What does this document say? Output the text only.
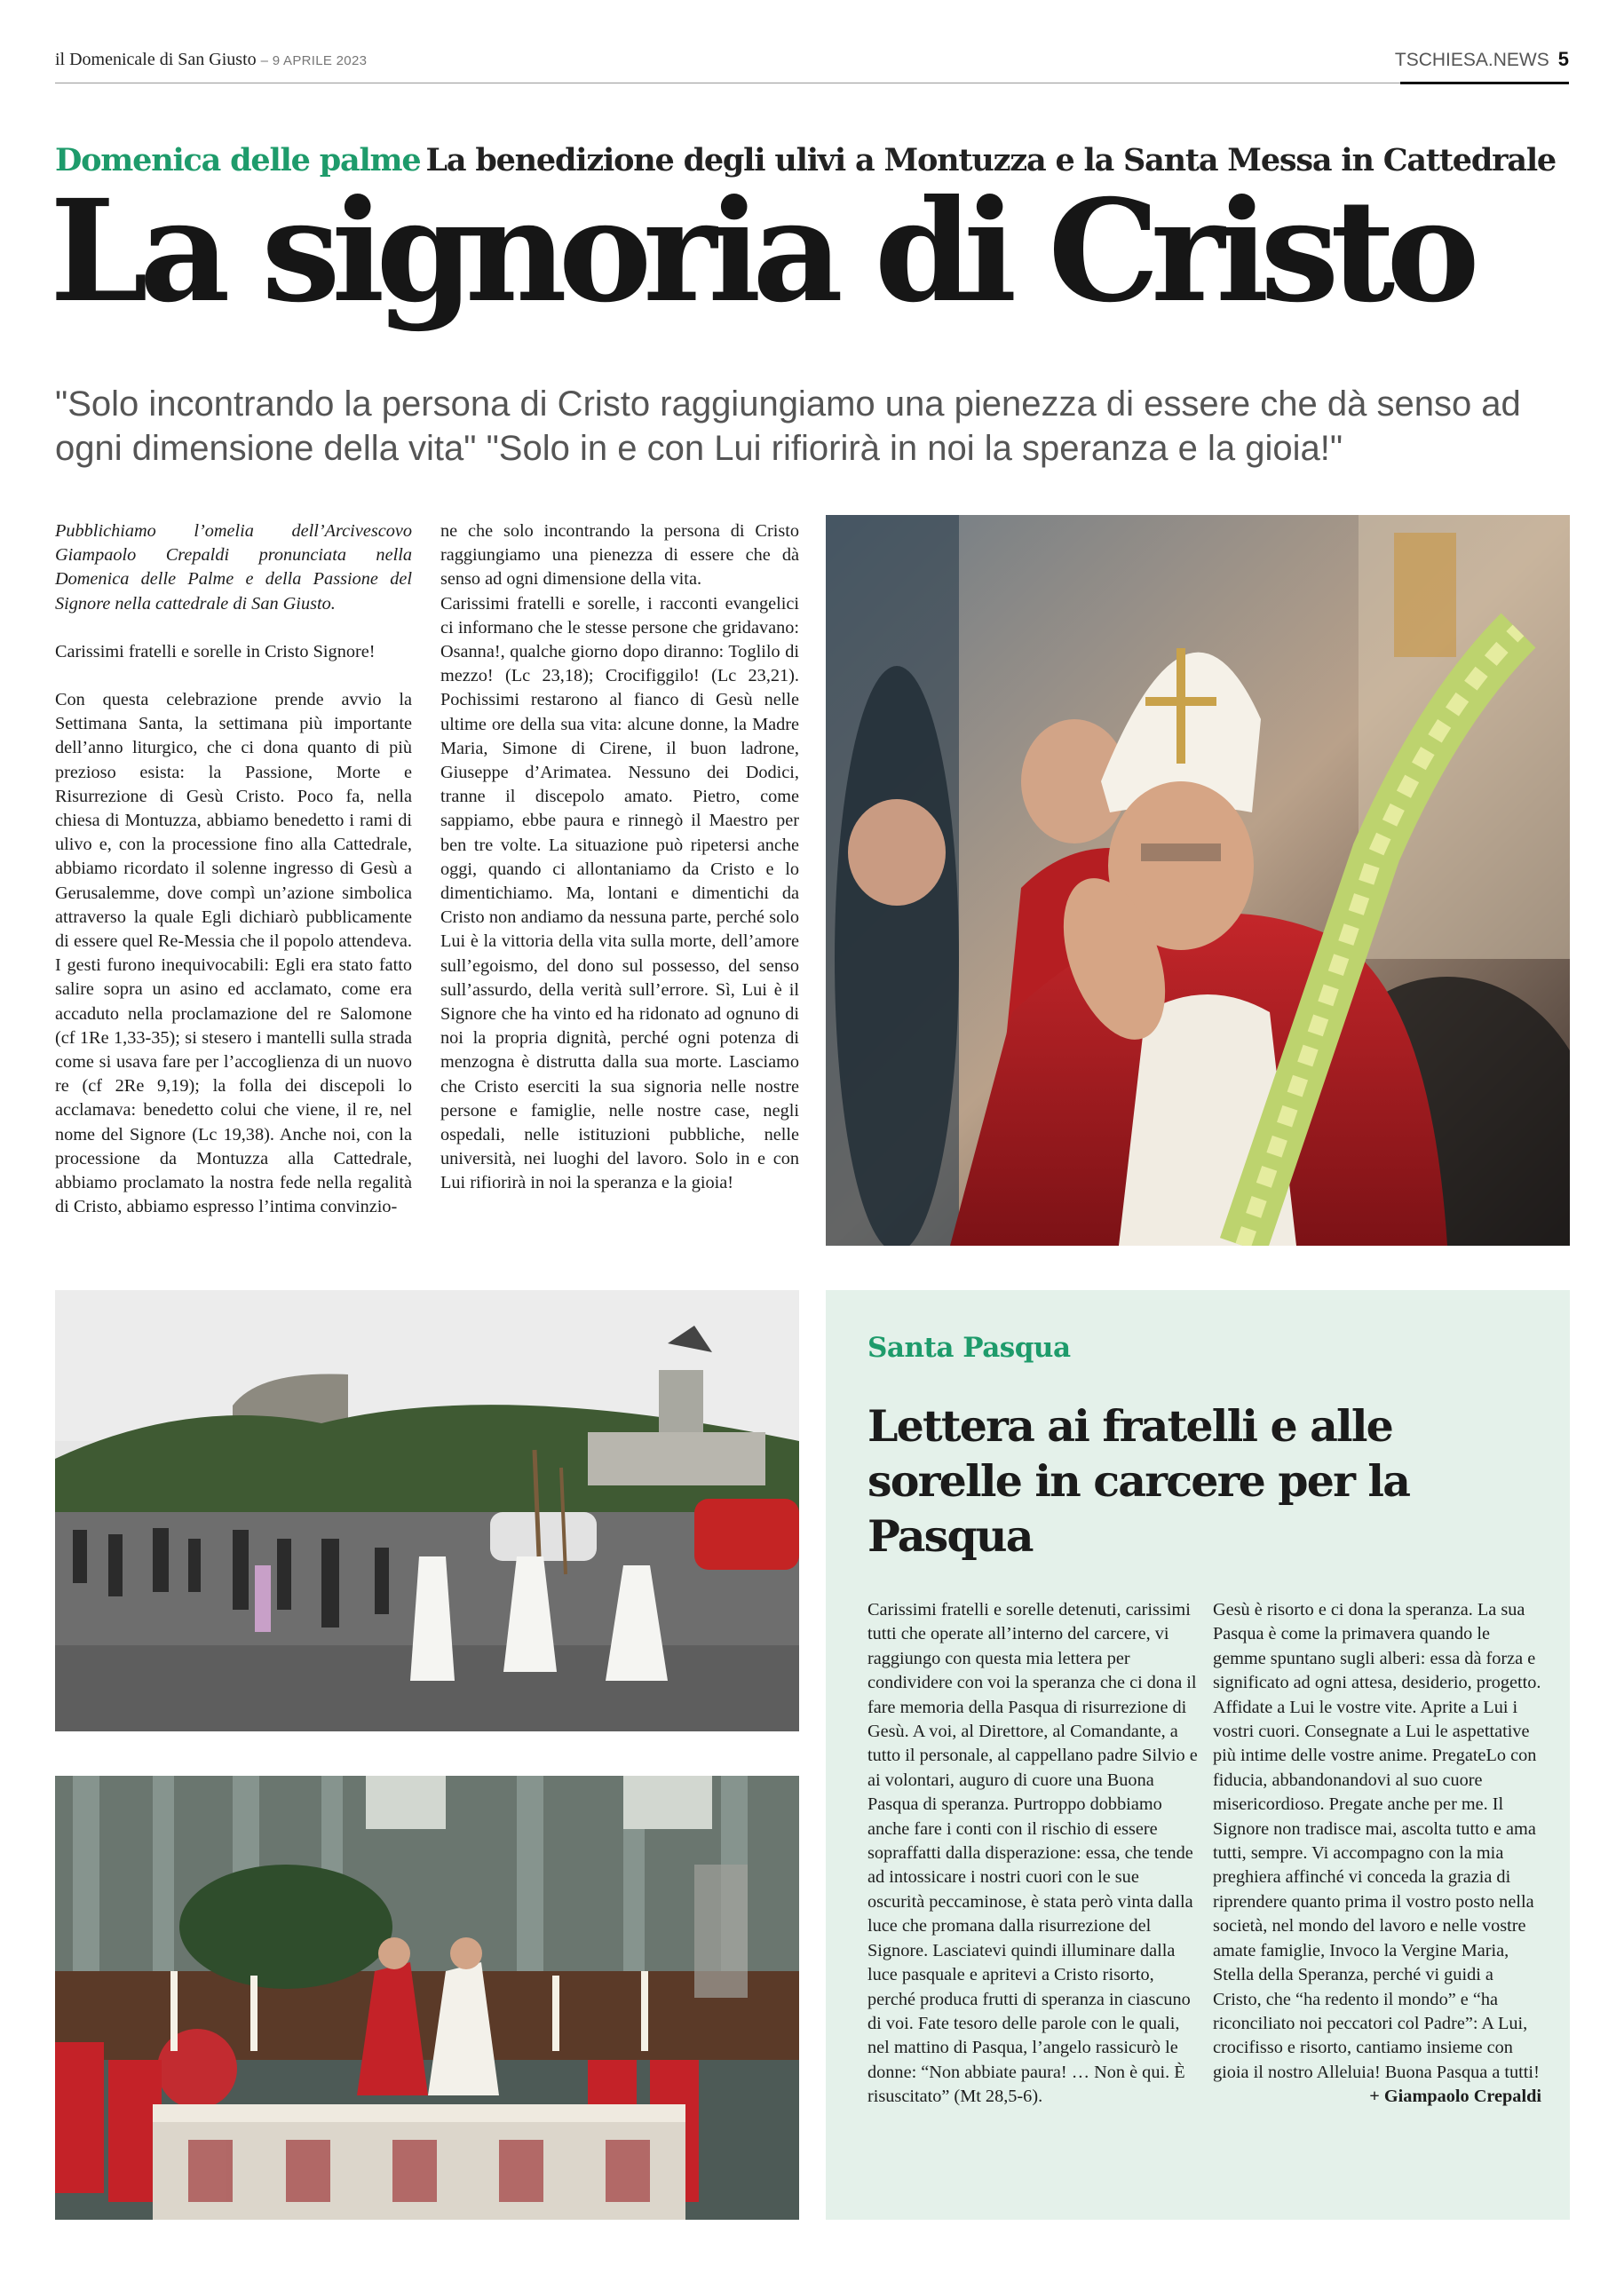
il Domenicale di San Giusto – 9 APRILE 2023	TSCHIESA.NEWS 5
Domenica delle palme La benedizione degli ulivi a Montuzza e la Santa Messa in Cattedrale
La signoria di Cristo
"Solo incontrando la persona di Cristo raggiungiamo una pienezza di essere che dà senso ad ogni dimensione della vita" "Solo in e con Lui rifiorirà in noi la speranza e la gioia!"

Pubblichiamo l’omelia dell’Arcivescovo Giampaolo Crepaldi pronunciata nella Domenica delle Palme e della Passione del Signore nella cattedrale di San Giusto.

Carissimi fratelli e sorelle in Cristo Signore!

Con questa celebrazione prende avvio la Settimana Santa, la settimana più importante dell’anno liturgico, che ci dona quanto di più prezioso esista: la Passione, Morte e Risurrezione di Gesù Cristo. Poco fa, nella chiesa di Montuzza, abbiamo benedetto i rami di ulivo e, con la processione fino alla Cattedrale, abbiamo ricordato il solenne ingresso di Gesù a Gerusalemme, dove compì un’azione simbolica attraverso la quale Egli dichiarò pubblicamente di essere quel Re-Messia che il popolo attendeva. I gesti furono inequivocabili: Egli era stato fatto salire sopra un asino ed acclamato, come era accaduto nella proclamazione del re Salomone (cf 1Re 1,33-35); si stesero i mantelli sulla strada come si usava fare per l’accoglienza di un nuovo re (cf 2Re 9,19); la folla dei discepoli lo acclamava: benedetto colui che viene, il re, nel nome del Signore (Lc 19,38). Anche noi, con la processione da Montuzza alla Cattedrale, abbiamo proclamato la nostra fede nella regalità di Cristo, abbiamo espresso l’intima convinzio-

ne che solo incontrando la persona di Cristo raggiungiamo una pienezza di essere che dà senso ad ogni dimensione della vita.

Carissimi fratelli e sorelle, i racconti evangelici ci informano che le stesse persone che gridavano: Osanna!, qualche giorno dopo diranno: Toglilo di mezzo! (Lc 23,18); Crocifiggilo! (Lc 23,21). Pochissimi restarono al fianco di Gesù nelle ultime ore della sua vita: alcune donne, la Madre Maria, Simone di Cirene, il buon ladrone, Giuseppe d’Arimatea. Nessuno dei Dodici, tranne il discepolo amato. Pietro, come sappiamo, ebbe paura e rinnegò il Maestro per ben tre volte. La situazione può ripetersi anche oggi, quando ci allontaniamo da Cristo e lo dimentichiamo. Ma, lontani e dimentichi da Cristo non andiamo da nessuna parte, perché solo Lui è la vittoria della vita sulla morte, dell’amore sull’egoismo, del dono sul possesso, del senso sull’assurdo, della verità sull’errore. Sì, Lui è il Signore che ha vinto ed ha ridonato ad ognuno di noi la propria dignità, perché ogni potenza di menzogna è distrutta dalla sua morte. Lasciamo che Cristo eserciti la sua signoria nelle nostre persone e famiglie, nelle nostre case, negli ospedali, nelle istituzioni pubbliche, nelle università, nei luoghi del lavoro. Solo in e con Lui rifiorirà in noi la speranza e la gioia!

Santa Pasqua
Lettera ai fratelli e alle sorelle in carcere per la Pasqua
Carissimi fratelli e sorelle detenuti, carissimi tutti che operate all’interno del carcere, vi raggiungo con questa mia lettera per condividere con voi la speranza che ci dona il fare memoria della Pasqua di risurrezione di Gesù. A voi, al Direttore, al Comandante, a tutto il personale, al cappellano padre Silvio e ai volontari, auguro di cuore una Buona Pasqua di speranza. Purtroppo dobbiamo anche fare i conti con il rischio di essere sopraffatti dalla disperazione: essa, che tende ad intossicare i nostri cuori con le sue oscurità peccaminose, è stata però vinta dalla luce che promana dalla risurrezione del Signore. Lasciatevi quindi illuminare dalla luce pasquale e apritevi a Cristo risorto, perché produca frutti di speranza in ciascuno di voi. Fate tesoro delle parole con le quali, nel mattino di Pasqua, l’angelo rassicurò le donne: “Non abbiate paura! … Non è qui. È risuscitato” (Mt 28,5-6).
Gesù è risorto e ci dona la speranza. La sua Pasqua è come la primavera quando le gemme spuntano sugli alberi: essa dà forza e significato ad ogni attesa, desiderio, progetto. Affidate a Lui le vostre vite. Aprite a Lui i vostri cuori. Consegnate a Lui le aspettative più intime delle vostre anime. PregateLo con fiducia, abbandonandovi al suo cuore misericordioso. Pregate anche per me. Il Signore non tradisce mai, ascolta tutto e ama tutti, sempre. Vi accompagno con la mia preghiera affinché vi conceda la grazia di riprendere quanto prima il vostro posto nella società, nel mondo del lavoro e nelle vostre amate famiglie, Invoco la Vergine Maria, Stella della Speranza, perché vi guidi a Cristo, che “ha redento il mondo” e “ha riconciliato noi peccatori col Padre”: A Lui, crocifisso e risorto, cantiamo insieme con gioia il nostro Alleluia! Buona Pasqua a tutti!
+ Giampaolo Crepaldi
